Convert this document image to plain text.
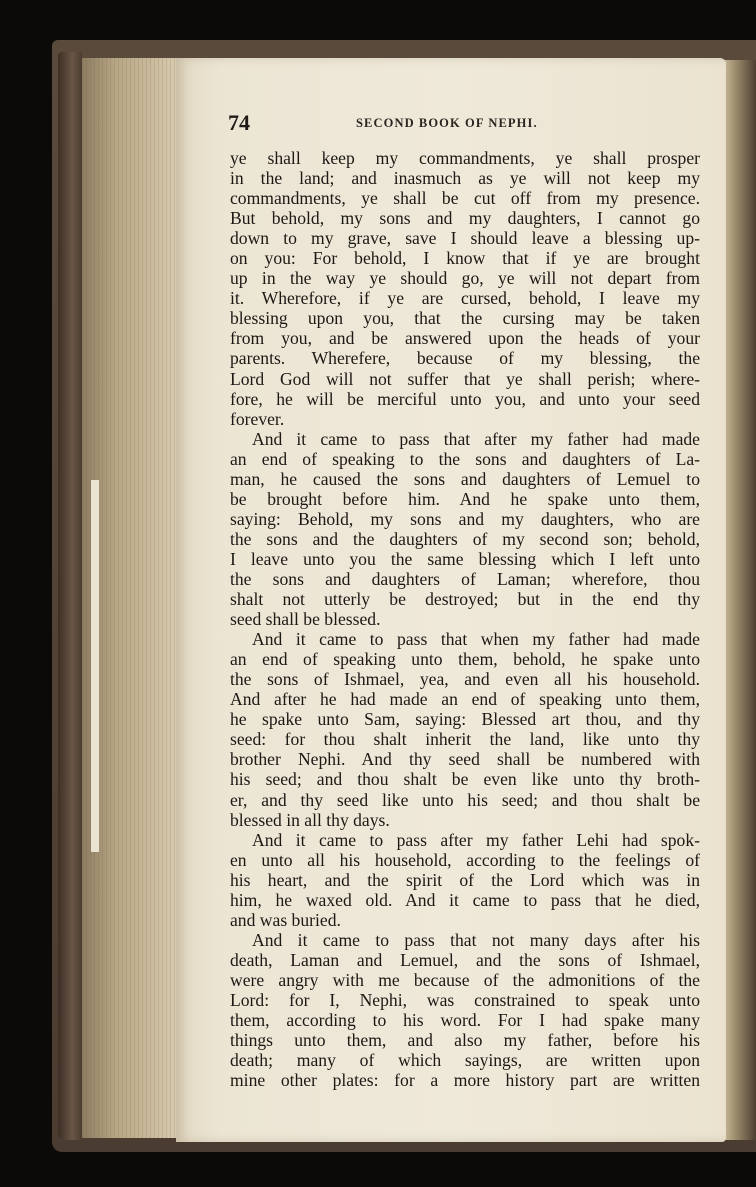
74	SECOND BOOK OF NEPHI.
ye shall keep my commandments, ye shall prosper
in the land; and inasmuch as ye will not keep my
commandments, ye shall be cut off from my presence.
But behold, my sons and my daughters, I cannot go
down to my grave, save I should leave a blessing up-
on you: For behold, I know that if ye are brought
up in the way ye should go, ye will not depart from
it. Wherefore, if ye are cursed, behold, I leave my
blessing upon you, that the cursing may be taken
from you, and be answered upon the heads of your
parents. Wherefere, because of my blessing, the
Lord God will not suffer that ye shall perish; where-
fore, he will be merciful unto you, and unto your seed
forever.
And it came to pass that after my father had made
an end of speaking to the sons and daughters of La-
man, he caused the sons and daughters of Lemuel to
be brought before him. And he spake unto them,
saying: Behold, my sons and my daughters, who are
the sons and the daughters of my second son; behold,
I leave unto you the same blessing which I left unto
the sons and daughters of Laman; wherefore, thou
shalt not utterly be destroyed; but in the end thy
seed shall be blessed.
And it came to pass that when my father had made
an end of speaking unto them, behold, he spake unto
the sons of Ishmael, yea, and even all his household.
And after he had made an end of speaking unto them,
he spake unto Sam, saying: Blessed art thou, and thy
seed: for thou shalt inherit the land, like unto thy
brother Nephi. And thy seed shall be numbered with
his seed; and thou shalt be even like unto thy broth-
er, and thy seed like unto his seed; and thou shalt be
blessed in all thy days.
And it came to pass after my father Lehi had spok-
en unto all his household, according to the feelings of
his heart, and the spirit of the Lord which was in
him, he waxed old. And it came to pass that he died,
and was buried.
And it came to pass that not many days after his
death, Laman and Lemuel, and the sons of Ishmael,
were angry with me because of the admonitions of the
Lord: for I, Nephi, was constrained to speak unto
them, according to his word. For I had spake many
things unto them, and also my father, before his
death; many of which sayings, are written upon
mine other plates: for a more history part are written
